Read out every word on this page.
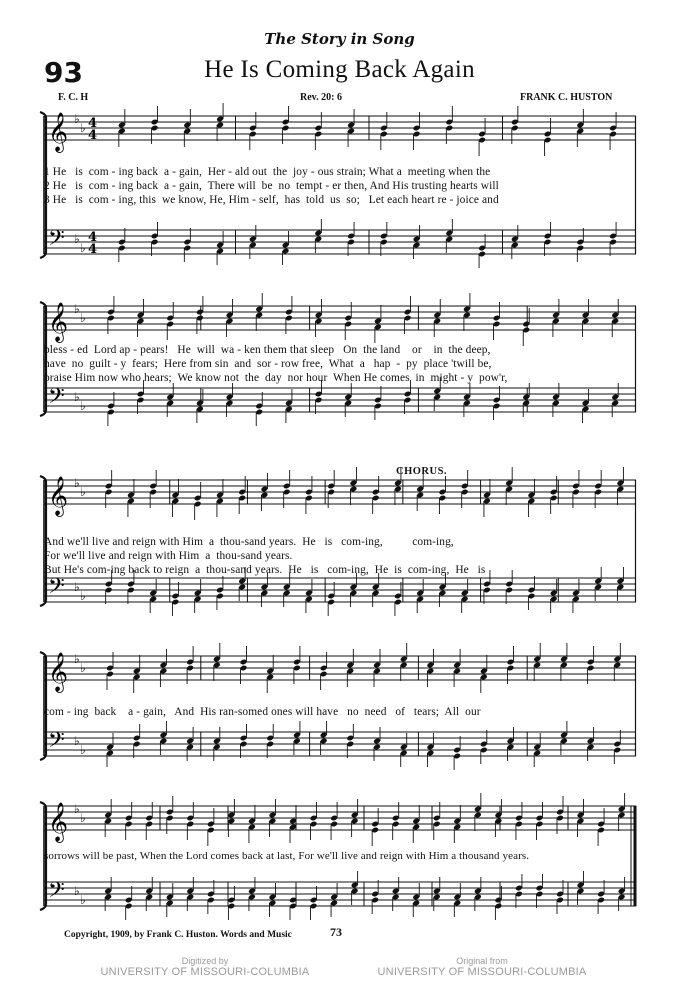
The Story in Song
93	He Is Coming Back Again
F. C. H	Rev. 20: 6	FRANK C. HUSTON
𝄞
𝄢
♭
♭
♭
♭
4
4
4
4
1 He   is  com - ing back  a - gain,  Her - ald out  the  joy - ous strain; What a  meeting when the
2 He   is  com - ing back  a - gain,  There will  be  no  tempt - er then, And His trusting hearts will
3 He   is  com - ing, this  we know, He, Him - self,  has  told  us  so;   Let each heart re - joice and
𝄞
𝄢
♭
♭
♭
♭
bless - ed  Lord ap - pears!   He  will  wa - ken them that sleep   On  the land    or    in  the deep,
have  no  guilt - y  fears;  Here from sin  and  sor - row free,  What  a   hap  -  py  place 'twill be,
praise Him now who hears;  We know not  the  day  nor hour  When He comes  in  might - y  pow'r,
𝄞
𝄢
♭
♭
♭
♭
CHORUS.
And we'll live and reign with Him  a  thou-sand years.  He   is   com-ing,          com-ing,
For we'll live and reign with Him  a  thou-sand years.
But He's com-ing back to reign  a  thou-sand years.  He   is   com-ing,  He  is  com-ing,  He   is
𝄞
𝄢
♭
♭
♭
♭
com - ing  back    a - gain,   And  His ran-somed ones will have   no  need   of   tears;  All  our
𝄞
𝄢
♭
♭
♭
♭
sorrows will be past, When the Lord comes back at last, For we'll live and reign with Him a thousand years.
Copyright, 1909, by Frank C. Huston. Words and Music	73
Digitized by
UNIVERSITY OF MISSOURI-COLUMBIA
Original from
UNIVERSITY OF MISSOURI-COLUMBIA
